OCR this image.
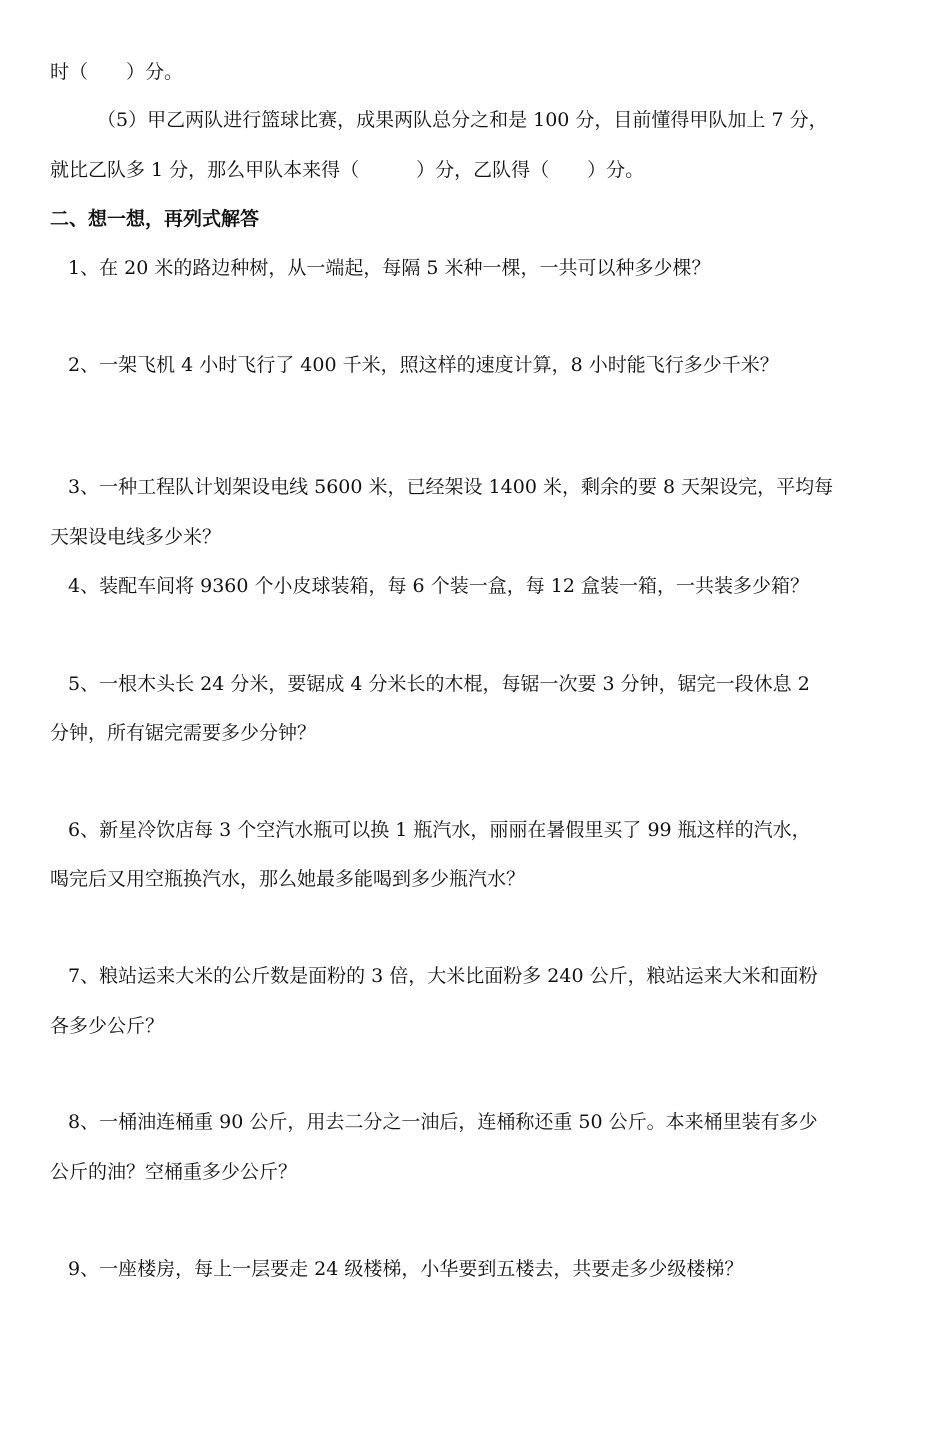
时（　　）分。
（5）甲乙两队进行篮球比赛，成果两队总分之和是 100 分，目前懂得甲队加上 7 分，
就比乙队多 1 分，那么甲队本来得（　　　）分，乙队得（　　）分。
二、想一想，再列式解答
1、在 20 米的路边种树，从一端起，每隔 5 米种一棵，一共可以种多少棵？
2、一架飞机 4 小时飞行了 400 千米，照这样的速度计算，8 小时能飞行多少千米？
3、一种工程队计划架设电线 5600 米，已经架设 1400 米，剩余的要 8 天架设完，平均每
天架设电线多少米？
4、装配车间将 9360 个小皮球装箱，每 6 个装一盒，每 12 盒装一箱，一共装多少箱？
5、一根木头长 24 分米，要锯成 4 分米长的木棍，每锯一次要 3 分钟，锯完一段休息 2
分钟，所有锯完需要多少分钟？
6、新星冷饮店每 3 个空汽水瓶可以换 1 瓶汽水，丽丽在暑假里买了 99 瓶这样的汽水，
喝完后又用空瓶换汽水，那么她最多能喝到多少瓶汽水？
7、粮站运来大米的公斤数是面粉的 3 倍，大米比面粉多 240 公斤，粮站运来大米和面粉
各多少公斤？
8、一桶油连桶重 90 公斤，用去二分之一油后，连桶称还重 50 公斤。本来桶里装有多少
公斤的油？空桶重多少公斤？
9、一座楼房，每上一层要走 24 级楼梯，小华要到五楼去，共要走多少级楼梯？
